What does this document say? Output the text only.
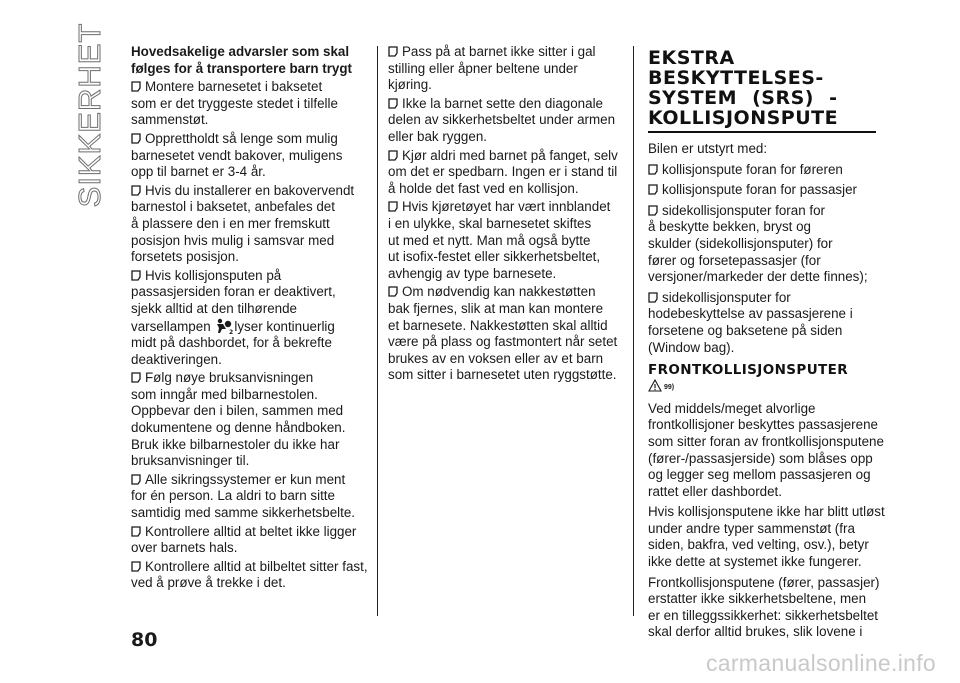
SIKKERHET Hovedsakelige advarsler som skal
følges for å transportere barn trygt

Montere barnesetet i baksetet
som er det tryggeste stedet i tilfelle
sammenstøt.

Opprettholdt så lenge som mulig
barnesetet vendt bakover, muligens
opp til barnet er 3-4 år.

Hvis du installerer en bakovervendt
barnestol i baksetet, anbefales det
å plassere den i en mer fremskutt
posisjon hvis mulig i samsvar med
forsetets posisjon.

Hvis kollisjonsputen på
passasjersiden foran er deaktivert,
sjekk alltid at den tilhørende
varsellampen	2 lyser kontinuerlig
midt på dashbordet, for å bekrefte
deaktiveringen.

Følg nøye bruksanvisningen
som inngår med bilbarnestolen.
Oppbevar den i bilen, sammen med
dokumentene og denne håndboken.
Bruk ikke bilbarnestoler du ikke har
bruksanvisninger til.

Alle sikringssystemer er kun ment
for én person. La aldri to barn sitte
samtidig med samme sikkerhetsbelte.

Kontrollere alltid at beltet ikke ligger
over barnets hals.

Kontrollere alltid at bilbeltet sitter fast,
ved å prøve å trekke i det.

Pass på at barnet ikke sitter i gal
stilling eller åpner beltene under kjøring.

Ikke la barnet sette den diagonale
delen av sikkerhetsbeltet under armen
eller bak ryggen.

Kjør aldri med barnet på fanget, selv
om det er spedbarn. Ingen er i stand til
å holde det fast ved en kollisjon.

Hvis kjøretøyet har vært innblandet
i en ulykke, skal barnesetet skiftes
ut med et nytt. Man må også bytte
ut isofix-festet eller sikkerhetsbeltet,
avhengig av type barnesete.

Om nødvendig kan nakkestøtten
bak fjernes, slik at man kan montere
et barnesete. Nakkestøtten skal alltid
være på plass og fastmontert når setet
brukes av en voksen eller av et barn
som sitter i barnesetet uten ryggstøtte.

EKSTRA
BESKYTTELSES-
SYSTEM (SRS) -
KOLLISJONSPUTE

Bilen er utstyrt med:

kollisjonspute foran for føreren

kollisjonspute foran for passasjer

sidekollisjonsputer foran for
å beskytte bekken, bryst og
skulder (sidekollisjonsputer) for
fører og forsetepassasjer (for
versjoner/markeder der dette finnes);

sidekollisjonsputer for
hodebeskyttelse av passasjerene i
forsetene og baksetene på siden
(Window bag).

FRONTKOLLISJONSPUTER
99)

Ved middels/meget alvorlige
frontkollisjoner beskyttes passasjerene
som sitter foran av frontkollisjonsputene
(fører-/passasjerside) som blåses opp
og legger seg mellom passasjeren og
rattet eller dashbordet.

Hvis kollisjonsputene ikke har blitt utløst
under andre typer sammenstøt (fra
siden, bakfra, ved velting, osv.), betyr
ikke dette at systemet ikke fungerer.

Frontkollisjonsputene (fører, passasjer)
erstatter ikke sikkerhetsbeltene, men
er en tilleggssikkerhet: sikkerhetsbeltet
skal derfor alltid brukes, slik lovene i

80
carmanualsonline.info
